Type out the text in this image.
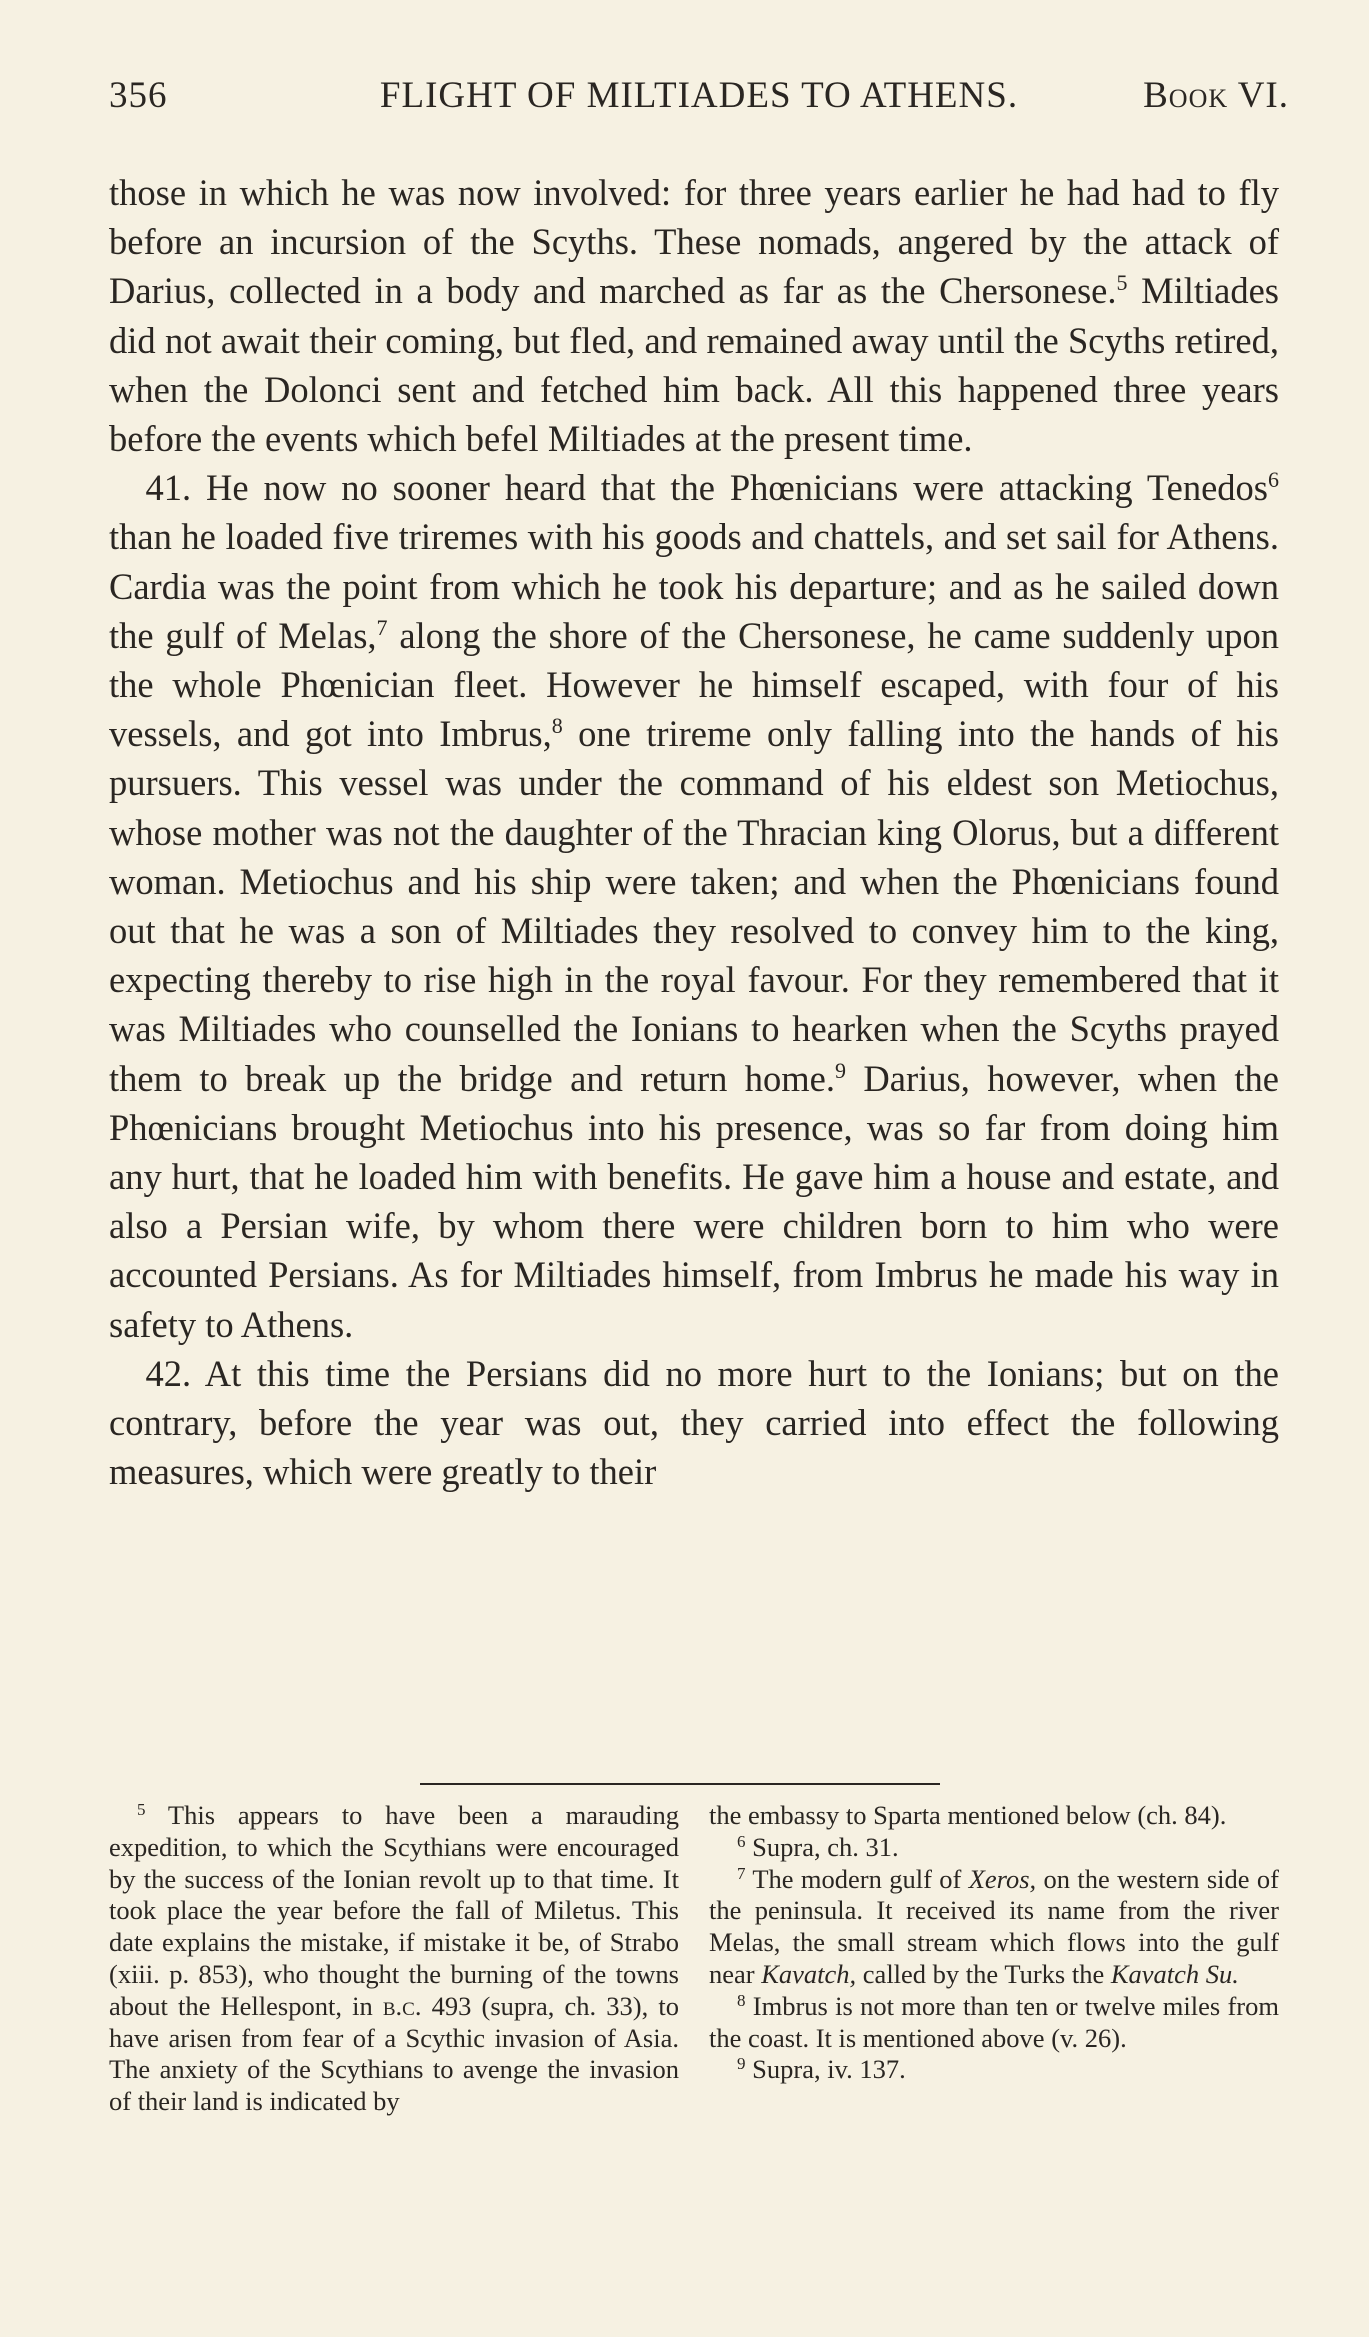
356	FLIGHT OF MILTIADES TO ATHENS.	Book VI.

those in which he was now involved: for three years earlier he had had to fly before an incursion of the Scyths. These nomads, angered by the attack of Darius, collected in a body and marched as far as the Chersonese.$^5$ Miltiades did not await their coming, but fled, and remained away until the Scyths retired, when the Dolonci sent and fetched him back. All this happened three years before the events which befel Miltiades at the present time.

 41. He now no sooner heard that the Phœnicians were attacking Tenedos$^6$ than he loaded five triremes with his goods and chattels, and set sail for Athens. Cardia was the point from which he took his departure; and as he sailed down the gulf of Melas,$^7$ along the shore of the Chersonese, he came suddenly upon the whole Phœnician fleet. However he himself escaped, with four of his vessels, and got into Imbrus,$^8$ one trireme only falling into the hands of his pursuers. This vessel was under the command of his eldest son Metiochus, whose mother was not the daughter of the Thracian king Olorus, but a different woman. Metiochus and his ship were taken; and when the Phœnicians found out that he was a son of Miltiades they resolved to convey him to the king, expecting thereby to rise high in the royal favour. For they remembered that it was Miltiades who counselled the Ionians to hearken when the Scyths prayed them to break up the bridge and return home.$^9$ Darius, however, when the Phœnicians brought Metiochus into his presence, was so far from doing him any hurt, that he loaded him with benefits. He gave him a house and estate, and also a Persian wife, by whom there were children born to him who were accounted Persians. As for Miltiades himself, from Imbrus he made his way in safety to Athens.

 42. At this time the Persians did no more hurt to the Ionians; but on the contrary, before the year was out, they carried into effect the following measures, which were greatly to their

$^5$ This appears to have been a marauding expedition, to which the Scythians were encouraged by the success of the Ionian revolt up to that time. It took place the year before the fall of Miletus. This date explains the mistake, if mistake it be, of Strabo (xiii. p. 853), who thought the burning of the towns about the Hellespont, in b.c. 493 (supra, ch. 33), to have arisen from fear of a Scythic invasion of Asia. The anxiety of the Scythians to avenge the invasion of their land is indicated by

the embassy to Sparta mentioned below (ch. 84).

$^6$ Supra, ch. 31.

$^7$ The modern gulf of Xeros, on the western side of the peninsula. It received its name from the river Melas, the small stream which flows into the gulf near Kavatch, called by the Turks the Kavatch Su.

$^8$ Imbrus is not more than ten or twelve miles from the coast. It is mentioned above (v. 26).

$^9$ Supra, iv. 137.
